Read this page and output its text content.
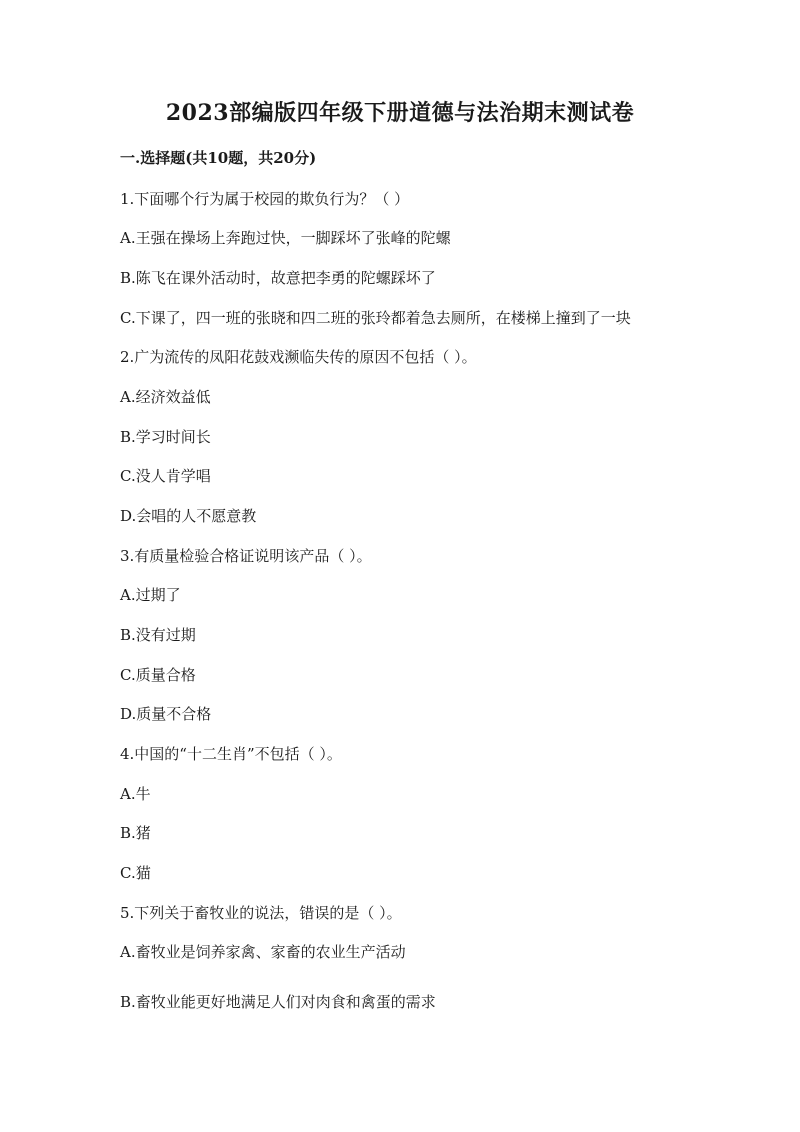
2023部编版四年级下册道德与法治期末测试卷
一.选择题(共10题，共20分)
1.下面哪个行为属于校园的欺负行为？（ ）
A.王强在操场上奔跑过快，一脚踩坏了张峰的陀螺
B.陈飞在课外活动时，故意把李勇的陀螺踩坏了
C.下课了，四一班的张晓和四二班的张玲都着急去厕所，在楼梯上撞到了一块
2.广为流传的凤阳花鼓戏濒临失传的原因不包括（ ）。
A.经济效益低
B.学习时间长
C.没人肯学唱
D.会唱的人不愿意教
3.有质量检验合格证说明该产品（ ）。
A.过期了
B.没有过期
C.质量合格
D.质量不合格
4.中国的“十二生肖”不包括（ ）。
A.牛
B.猪
C.猫
5.下列关于畜牧业的说法，错误的是（ ）。
A.畜牧业是饲养家禽、家畜的农业生产活动
B.畜牧业能更好地满足人们对肉食和禽蛋的需求
